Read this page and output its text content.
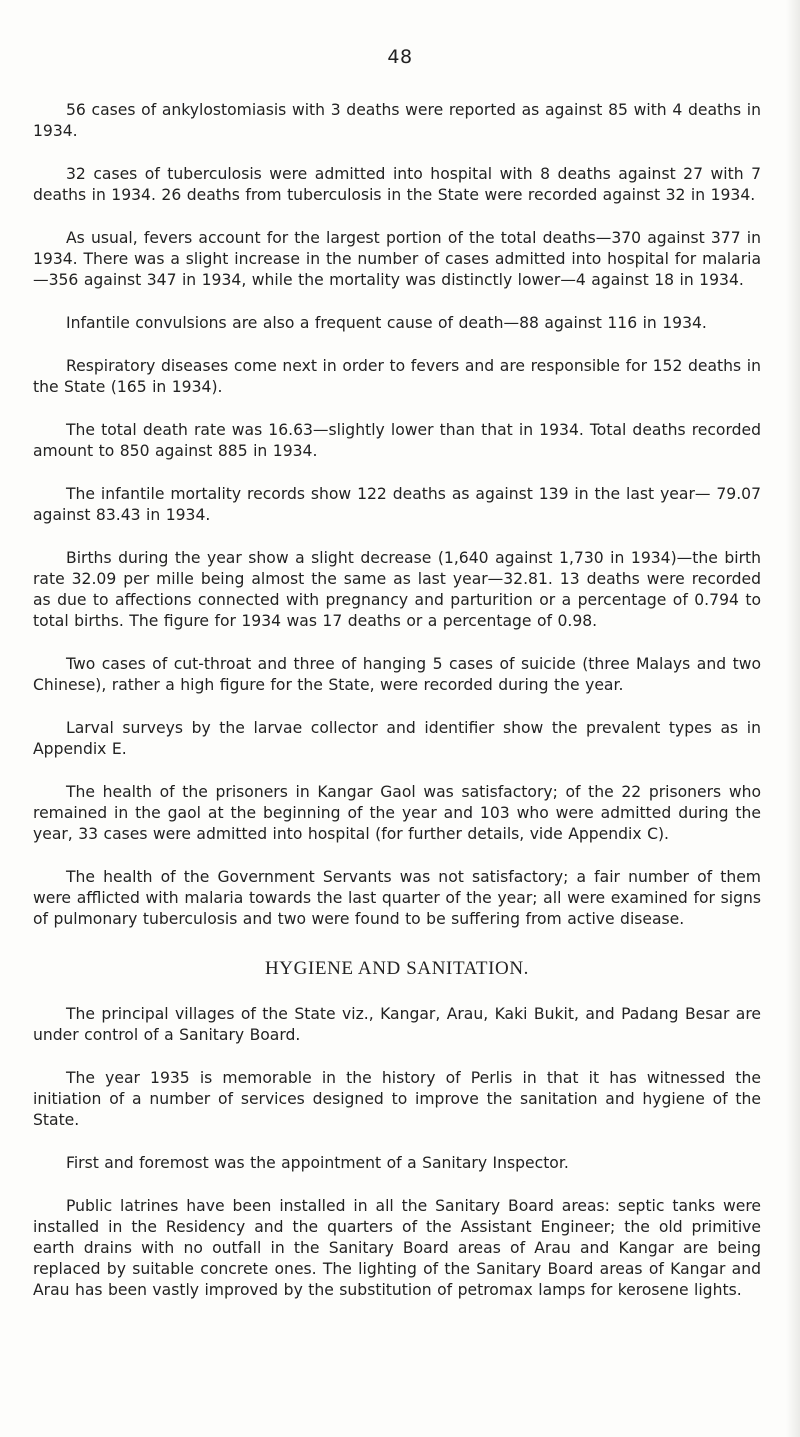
48

56 cases of ankylostomiasis with 3 deaths were reported as against 85 with 4 deaths in 1934.

32 cases of tuberculosis were admitted into hospital with 8 deaths against 27 with 7 deaths in 1934. 26 deaths from tuberculosis in the State were recorded against 32 in 1934.

As usual, fevers account for the largest portion of the total deaths—370 against 377 in 1934. There was a slight increase in the number of cases admitted into hospital for malaria—356 against 347 in 1934, while the mortality was distinctly lower—4 against 18 in 1934.

Infantile convulsions are also a frequent cause of death—88 against 116 in 1934.

Respiratory diseases come next in order to fevers and are responsible for 152 deaths in the State (165 in 1934).

The total death rate was 16.63—slightly lower than that in 1934. Total deaths recorded amount to 850 against 885 in 1934.

The infantile mortality records show 122 deaths as against 139 in the last year— 79.07 against 83.43 in 1934.

Births during the year show a slight decrease (1,640 against 1,730 in 1934)—the birth rate 32.09 per mille being almost the same as last year—32.81. 13 deaths were recorded as due to affections connected with pregnancy and parturition or a percentage of 0.794 to total births. The figure for 1934 was 17 deaths or a percentage of 0.98.

Two cases of cut-throat and three of hanging 5 cases of suicide (three Malays and two Chinese), rather a high figure for the State, were recorded during the year.

Larval surveys by the larvae collector and identifier show the prevalent types as in Appendix E.

The health of the prisoners in Kangar Gaol was satisfactory; of the 22 prisoners who remained in the gaol at the beginning of the year and 103 who were admitted during the year, 33 cases were admitted into hospital (for further details, vide Appendix C).

The health of the Government Servants was not satisfactory; a fair number of them were afflicted with malaria towards the last quarter of the year; all were examined for signs of pulmonary tuberculosis and two were found to be suffering from active disease.

HYGIENE AND SANITATION.

The principal villages of the State viz., Kangar, Arau, Kaki Bukit, and Padang Besar are under control of a Sanitary Board.

The year 1935 is memorable in the history of Perlis in that it has witnessed the initiation of a number of services designed to improve the sanitation and hygiene of the State.

First and foremost was the appointment of a Sanitary Inspector.

Public latrines have been installed in all the Sanitary Board areas: septic tanks were installed in the Residency and the quarters of the Assistant Engineer; the old primitive earth drains with no outfall in the Sanitary Board areas of Arau and Kangar are being replaced by suitable concrete ones. The lighting of the Sanitary Board areas of Kangar and Arau has been vastly improved by the substitution of petromax lamps for kerosene lights.
